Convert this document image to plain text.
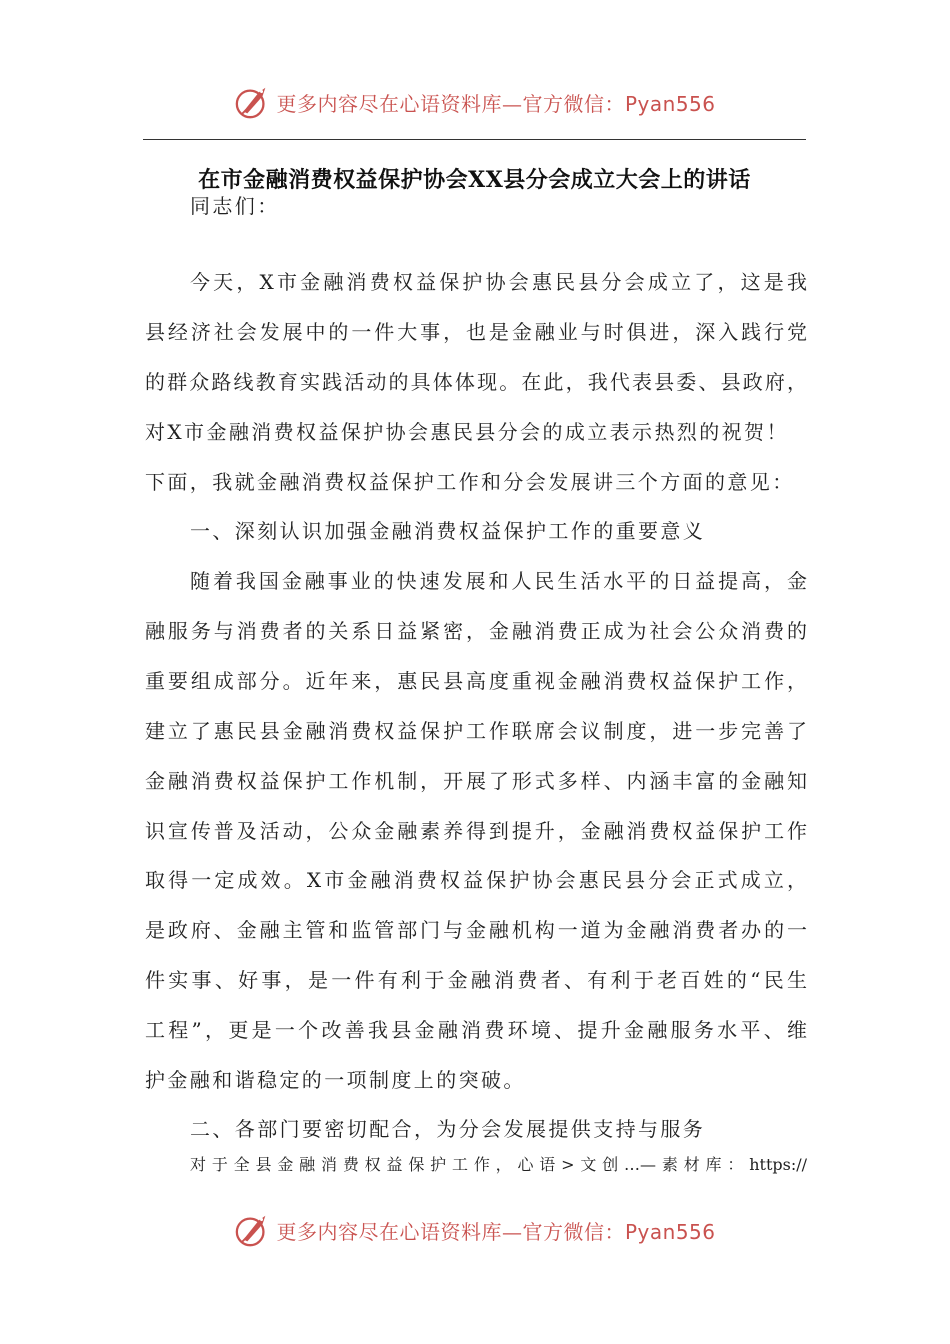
更多内容尽在心语资料库—官方微信：Pyan556
在市金融消费权益保护协会XX县分会成立大会上的讲话
同志们：
今天，X市金融消费权益保护协会惠民县分会成立了，这是我
县经济社会发展中的一件大事，也是金融业与时俱进，深入践行党
的群众路线教育实践活动的具体体现。在此，我代表县委、县政府，
对X市金融消费权益保护协会惠民县分会的成立表示热烈的祝贺！
下面，我就金融消费权益保护工作和分会发展讲三个方面的意见：
一、深刻认识加强金融消费权益保护工作的重要意义
随着我国金融事业的快速发展和人民生活水平的日益提高，金
融服务与消费者的关系日益紧密，金融消费正成为社会公众消费的
重要组成部分。近年来，惠民县高度重视金融消费权益保护工作，
建立了惠民县金融消费权益保护工作联席会议制度，进一步完善了
金融消费权益保护工作机制，开展了形式多样、内涵丰富的金融知
识宣传普及活动，公众金融素养得到提升，金融消费权益保护工作
取得一定成效。X市金融消费权益保护协会惠民县分会正式成立，
是政府、金融主管和监管部门与金融机构一道为金融消费者办的一
件实事、好事，是一件有利于金融消费者、有利于老百姓的“民生
工程”，更是一个改善我县金融消费环境、提升金融服务水平、维
护金融和谐稳定的一项制度上的突破。
二、各部门要密切配合，为分会发展提供支持与服务
对于全县金融消费权益保护工作，心语>文创…—素材库：https://
更多内容尽在心语资料库—官方微信：Pyan556
